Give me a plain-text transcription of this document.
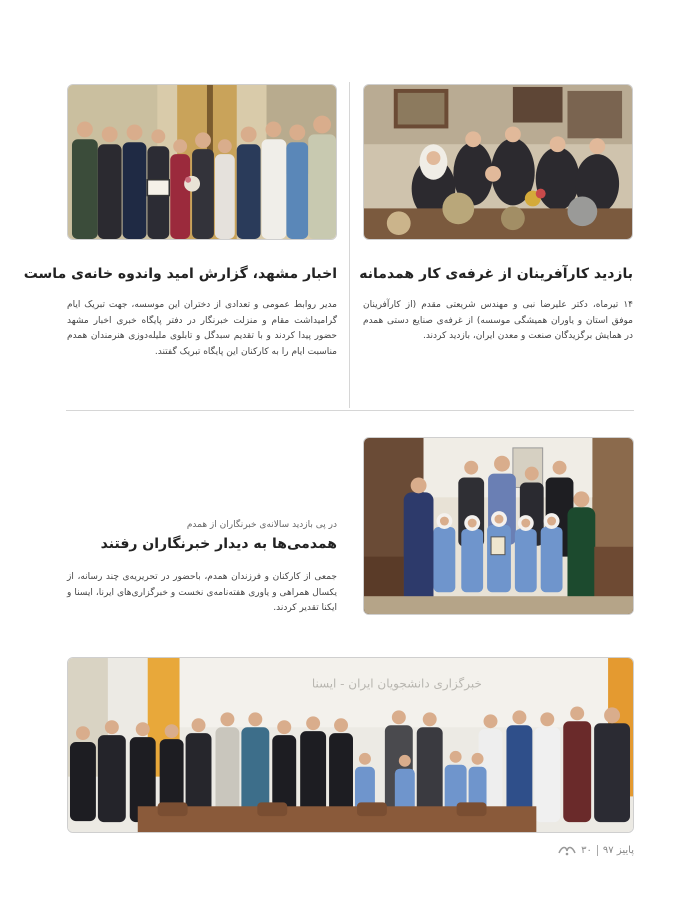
بازدید کارآفرینان از غرفه‌ی کار همدمانه

۱۴ تیرماه، دکتر علیرضا نبی و مهندس شریعتی مقدم (از کارآفرینان موفق استان و یاوران همیشگی موسسه) از غرفه‌ی صنایع دستی همدم در همایش برگزیدگان صنعت و معدن ایران، بازدید کردند.

اخبار مشهد، گزارش امید واندوه خانه‌ی ماست

مدیر روابط عمومی و تعدادی از دختران این موسسه، جهت تبریک ایام گرامیداشت مقام و منزلت خبرنگار در دفتر پایگاه خبری اخبار مشهد حضور پیدا کردند و با تقدیم سبدگل و تابلوی ملیله‌دوزی هنرمندان همدم مناسبت ایام را به کارکنان این پایگاه تبریک گفتند.

در پی بازدید سالانه‌ی خبرنگاران از همدم
همدمی‌ها به دیدار خبرنگاران رفتند

جمعی از کارکنان و فرزندان همدم، باحضور در تحریریه‌ی چند رسانه، از یکسال همراهی و یاوری هفته‌نامه‌ی نخست و خبرگزاری‌های ایرنا، ایسنا و ایکنا تقدیر کردند.

خبرگزاری دانشجویان ایران - ایسنا
پاییز ۹۷
۳۰
